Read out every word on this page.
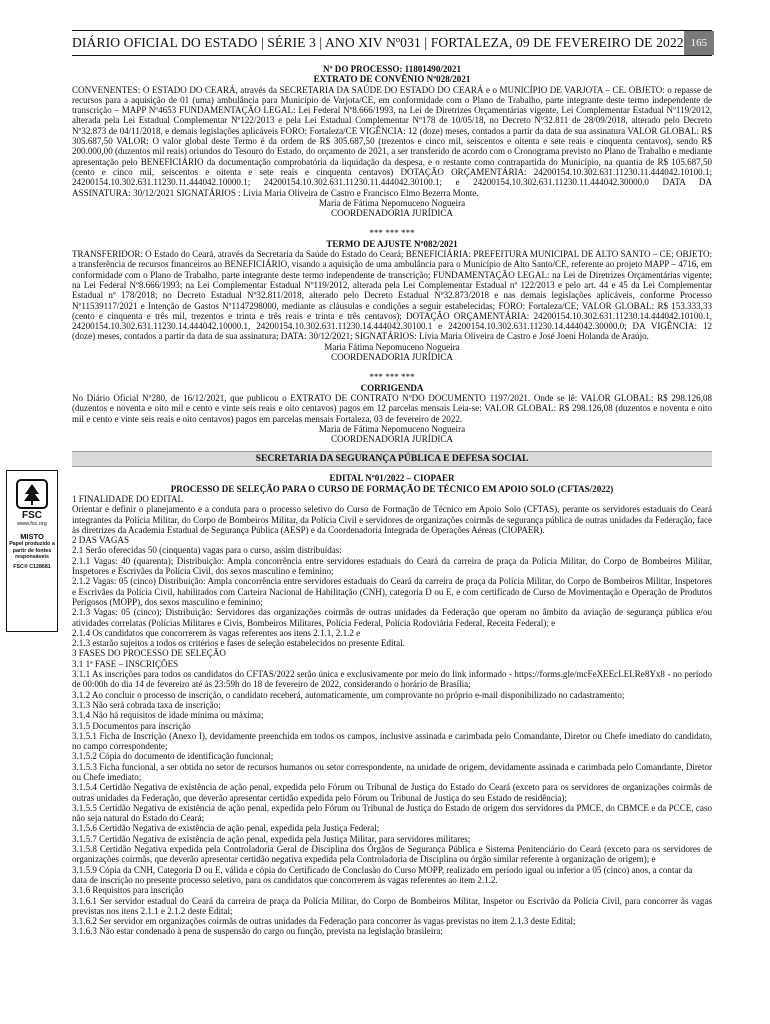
DIÁRIO OFICIAL DO ESTADO | SÉRIE 3 | ANO XIV Nº031 | FORTALEZA, 09 DE FEVEREIRO DE 2022 165
FSC
www.fsc.org
MISTO
Papel produzido a partir de fontes responsáveis
FSC® C128681

Nº DO PROCESSO: 11801490/2021

EXTRATO DE CONVÊNIO Nº028/2021

CONVENENTES: O ESTADO DO CEARÁ, através da SECRETARIA DA SAÚDE DO ESTADO DO CEARÁ e o MUNICÍPIO DE VARJOTA – CE. OBJETO: o repasse de recursos para a aquisição de 01 (uma) ambulância para Município de Varjota/CE, em conformidade com o Plano de Trabalho, parte integrante deste termo independente de transcrição – MAPP Nº4653 FUNDAMENTAÇÃO LEGAL: Lei Federal Nº8.666/1993, na Lei de Diretrizes Orçamentárias vigente, Lei Complementar Estadual Nº119/2012, alterada pela Lei Estadual Complementar Nº122/2013 e pela Lei Estadual Complementar Nº178 de 10/05/18, no Decreto Nº32.811 de 28/09/2018, alterado pelo Decreto Nº32.873 de 04/11/2018, e demais legislações aplicáveis FORO: Fortaleza/CE VIGÊNCIA: 12 (doze) meses, contados a partir da data de sua assinatura VALOR GLOBAL: R$ 305.687,50 VALOR: O valor global deste Termo é da ordem de R$ 305.687,50 (trezentos e cinco mil, seiscentos e oitenta e sete reais e cinquenta centavos), sendo R$ 200.000,00 (duzentos mil reais) oriundos do Tesouro do Estado, do orçamento de 2021, a ser transferido de acordo com o Cronograma previsto no Plano de Trabalho e mediante apresentação pelo BENEFICIÁRIO da documentação comprobatória da liquidação da despesa, e o restante como contrapartida do Município, na quantia de R$ 105.687,50 (cento e cinco mil, seiscentos e oitenta e sete reais e cinquenta centavos) DOTAÇÃO ORÇAMENTÁRIA: 24200154.10.302.631.11230.11.444042.10100.1; 24200154.10.302.631.11230.11.444042.10000.1; 24200154.10.302.631.11230.11.444042.30100.1; e 24200154.10.302.631.11230.11.444042.30000.0 DATA DA ASSINATURA: 30/12/2021 SIGNATÁRIOS : Lívia Maria Oliveira de Castro e Francisco Elmo Bezerra Monte.

Maria de Fátima Nepomuceno Nogueira

COORDENADORIA JURÍDICA

*** *** ***

TERMO DE AJUSTE Nº082/2021

TRANSFERIDOR: O Estado do Ceará, através da Secretaria da Saúde do Estado do Ceará; BENEFICIÁRIA: PREFEITURA MUNICIPAL DE ALTO SANTO – CE; OBJETO: a transferência de recursos financeiros ao BENEFICIÁRIO, visando a aquisição de uma ambulância para o Município de Alto Santo/CE, referente ao projeto MAPP – 4716, em conformidade com o Plano de Trabalho, parte integrante deste termo independente de transcrição; FUNDAMENTAÇÃO LEGAL: na Lei de Diretrizes Orçamentárias vigente; na Lei Federal Nº8.666/1993; na Lei Complementar Estadual Nº119/2012, alterada pela Lei Complementar Estadual nº 122/2013 e pelo art. 44 e 45 da Lei Complementar Estadual nº 178/2018; no Decreto Estadual Nº32.811/2018, alterado pelo Decreto Estadual Nº32.873/2018 e nas demais legislações aplicáveis, conforme Processo Nº11539117/2021 e Intenção de Gastos Nº1147298000, mediante as cláusulas e condições a seguir estabelecidas; FORO: Fortaleza/CE; VALOR GLOBAL: R$ 153.333,33 (cento e cinquenta e três mil, trezentos e trinta e três reais e trinta e três centavos); DOTAÇÃO ORÇAMENTÁRIA: 24200154.10.302.631.11230.14.444042.10100.1, 24200154.10.302.631.11230.14.444042.10000.1, 24200154.10.302.631.11230.14.444042.30100.1 e 24200154.10.302.631.11230.14.444042.30000.0; DA VIGÊNCIA: 12 (doze) meses, contados a partir da data de sua assinatura; DATA: 30/12/2021; SIGNATÁRIOS: Lívia Maria Oliveira de Castro e José Joeni Holanda de Araújo.

Maria Fátima Nepomuceno Nogueira

COORDENADORIA JURÍDICA

*** *** ***

CORRIGENDA

No Diário Oficial Nº280, de 16/12/2021, que publicou o EXTRATO DE CONTRATO NºDO DOCUMENTO 1197/2021. Onde se lê: VALOR GLOBAL: R$ 298.126,08 (duzentos e noventa e oito mil e cento e vinte seis reais e oito centavos) pagos em 12 parcelas mensais Leia-se: VALOR GLOBAL: R$ 298.126,08 (duzentos e noventa e oito mil e cento e vinte seis reais e oito centavos) pagos em parcelas mensais Fortaleza, 03 de fevereiro de 2022.

Maria de Fátima Nepomuceno Nogueira

COORDENADORIA JURÍDICA

SECRETARIA DA SEGURANÇA PÚBLICA E DEFESA SOCIAL

EDITAL Nº01/2022 – CIOPAER

PROCESSO DE SELEÇÃO PARA O CURSO DE FORMAÇÃO DE TÉCNICO EM APOIO SOLO (CFTAS/2022)

1 FINALIDADE DO EDITAL

Orientar e definir o planejamento e a conduta para o processo seletivo do Curso de Formação de Técnico em Apoio Solo (CFTAS), perante os servidores estaduais do Ceará integrantes da Polícia Militar, do Corpo de Bombeiros Militar, da Polícia Civil e servidores de organizações coirmãs de segurança pública de outras unidades da Federação, face às diretrizes da Academia Estadual de Segurança Pública (AESP) e da Coordenadoria Integrada de Operações Aéreas (CIOPAER).

2 DAS VAGAS

2.1 Serão oferecidas 50 (cinquenta) vagas para o curso, assim distribuídas:

2.1.1 Vagas: 40 (quarenta); Distribuição: Ampla concorrência entre servidores estaduais do Ceará da carreira de praça da Polícia Militar, do Corpo de Bombeiros Militar, Inspetores e Escrivães da Polícia Civil, dos sexos masculino e feminino;

2.1.2 Vagas: 05 (cinco) Distribuição: Ampla concorrência entre servidores estaduais do Ceará da carreira de praça da Polícia Militar, do Corpo de Bombeiros Militar, Inspetores e Escrivães da Polícia Civil, habilitados com Carteira Nacional de Habilitação (CNH), categoria D ou E, e com certificado de Curso de Movimentação e Operação de Produtos Perigosos (MOPP), dos sexos masculino e feminino;

2.1.3 Vagas: 05 (cinco); Distribuição: Servidores das organizações coirmãs de outras unidades da Federação que operam no âmbito da aviação de segurança pública e/ou atividades correlatas (Polícias Militares e Civis, Bombeiros Militares, Polícia Federal, Polícia Rodoviária Federal, Receita Federal); e

2.1.4 Os candidatos que concorrerem às vagas referentes aos itens 2.1.1, 2.1.2 e

2.1.3 estarão sujeitos a todos os critérios e fases de seleção estabelecidos no presente Edital.

3 FASES DO PROCESSO DE SELEÇÃO

3.1 1ª FASE – INSCRIÇÕES

3.1.1 As inscrições para todos os candidatos do CFTAS/2022 serão única e exclusivamente por meio do link informado - https://forms.gle/mcFeXEEcLELRe8Yx8 - no período de 00:00h do dia 14 de fevereiro até às 23:59h do 18 de fevereiro de 2022, considerando o horário de Brasília;

3.1.2 Ao concluir o processo de inscrição, o candidato receberá, automaticamente, um comprovante no próprio e-mail disponibilizado no cadastramento;

3.1.3 Não será cobrada taxa de inscrição;

3.1.4 Não há requisitos de idade mínima ou máxima;

3.1.5 Documentos para inscrição

3.1.5.1 Ficha de Inscrição (Anexo I), devidamente preenchida em todos os campos, inclusive assinada e carimbada pelo Comandante, Diretor ou Chefe imediato do candidato, no campo correspondente;

3.1.5.2 Cópia do documento de identificação funcional;

3.1.5.3 Ficha funcional, a ser obtida no setor de recursos humanos ou setor correspondente, na unidade de origem, devidamente assinada e carimbada pelo Comandante, Diretor ou Chefe imediato;

3.1.5.4 Certidão Negativa de existência de ação penal, expedida pelo Fórum ou Tribunal de Justiça do Estado do Ceará (exceto para os servidores de organizações coirmãs de outras unidades da Federação, que deverão apresentar certidão expedida pelo Fórum ou Tribunal de Justiça do seu Estado de residência);

3.1.5.5 Certidão Negativa de existência de ação penal, expedida pelo Fórum ou Tribunal de Justiça do Estado de origem dos servidores da PMCE, do CBMCE e da PCCE, caso não seja natural do Estado do Ceará;

3.1.5.6 Certidão Negativa de existência de ação penal, expedida pela Justiça Federal;

3.1.5.7 Certidão Negativa de existência de ação penal, expedida pela Justiça Militar, para servidores militares;

3.1.5.8 Certidão Negativa expedida pela Controladoria Geral de Disciplina dos Órgãos de Segurança Pública e Sistema Penitenciário do Ceará (exceto para os servidores de organizações coirmãs, que deverão apresentar certidão negativa expedida pela Controladoria de Disciplina ou órgão similar referente à organização de origem); e

3.1.5.9 Cópia da CNH, Categoria D ou E, válida e cópia do Certificado de Conclusão do Curso MOPP, realizado em período igual ou inferior a 05 (cinco) anos, a contar da

data de inscrição no presente processo seletivo, para os candidatos que concorrerem às vagas referentes ao item 2.1.2.

3.1.6 Requisitos para inscrição

3.1.6.1 Ser servidor estadual do Ceará da carreira de praça da Polícia Militar, do Corpo de Bombeiros Militar, Inspetor ou Escrivão da Polícia Civil, para concorrer às vagas previstas nos itens 2.1.1 e 2.1.2 deste Edital;

3.1.6.2 Ser servidor em organizações coirmãs de outras unidades da Federação para concorrer às vagas previstas no item 2.1.3 deste Edital;

3.1.6.3 Não estar condenado à pena de suspensão do cargo ou função, prevista na legislação brasileira;
